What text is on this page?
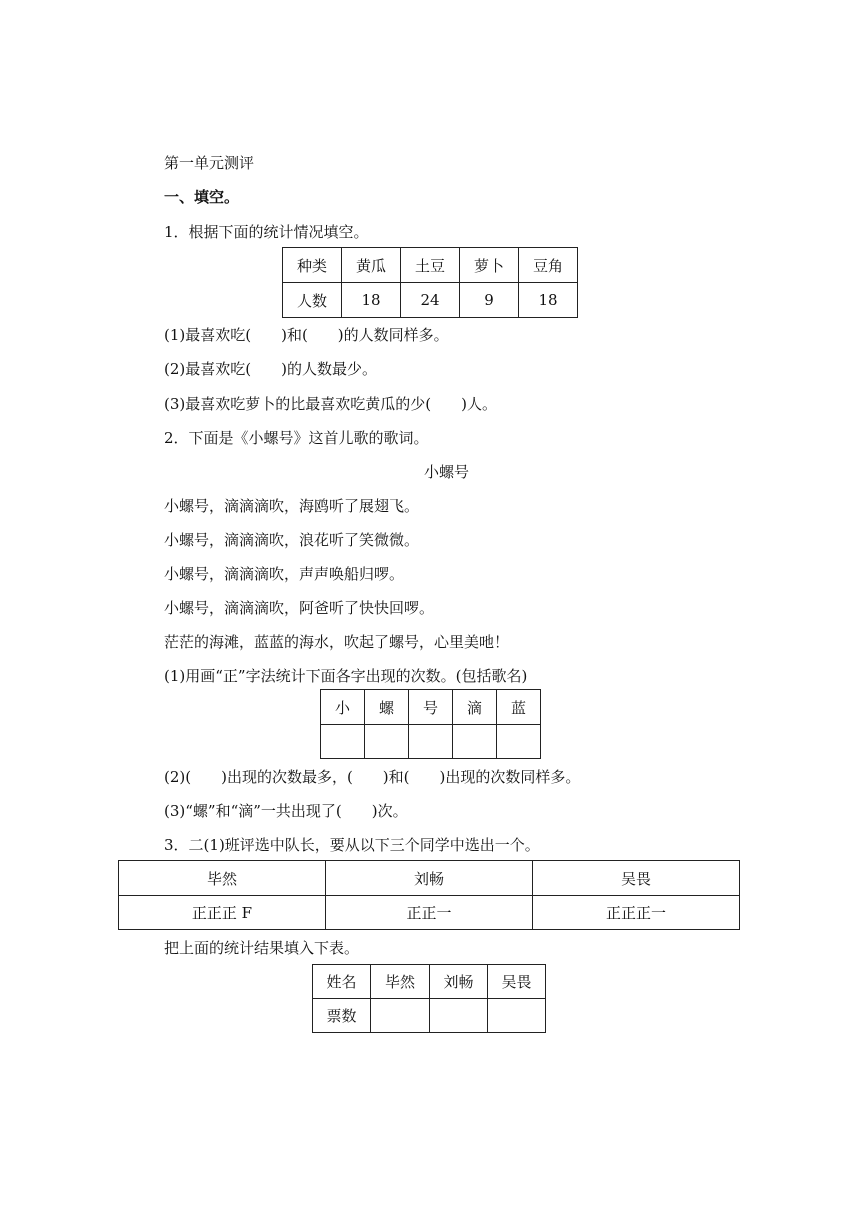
第一单元测评
一、填空。
1．根据下面的统计情况填空。
种类	黄瓜	土豆	萝卜	豆角
人数	18	24	9	18
(1)最喜欢吃(　　)和(　　)的人数同样多。
(2)最喜欢吃(　　)的人数最少。
(3)最喜欢吃萝卜的比最喜欢吃黄瓜的少(　　)人。
2．下面是《小螺号》这首儿歌的歌词。
小螺号
小螺号，滴滴滴吹，海鸥听了展翅飞。
小螺号，滴滴滴吹，浪花听了笑微微。
小螺号，滴滴滴吹，声声唤船归啰。
小螺号，滴滴滴吹，阿爸听了快快回啰。
茫茫的海滩，蓝蓝的海水，吹起了螺号，心里美吔！
(1)用画“正”字法统计下面各字出现的次数。(包括歌名)
小	螺	号	滴	蓝

(2)(　　)出现的次数最多，(　　)和(　　)出现的次数同样多。
(3)“螺”和“滴”一共出现了(　　)次。
3．二(1)班评选中队长，要从以下三个同学中选出一个。
毕然	刘畅	吴畏
正正正 F	正正一	正正正一
把上面的统计结果填入下表。
姓名	毕然	刘畅	吴畏
票数			
